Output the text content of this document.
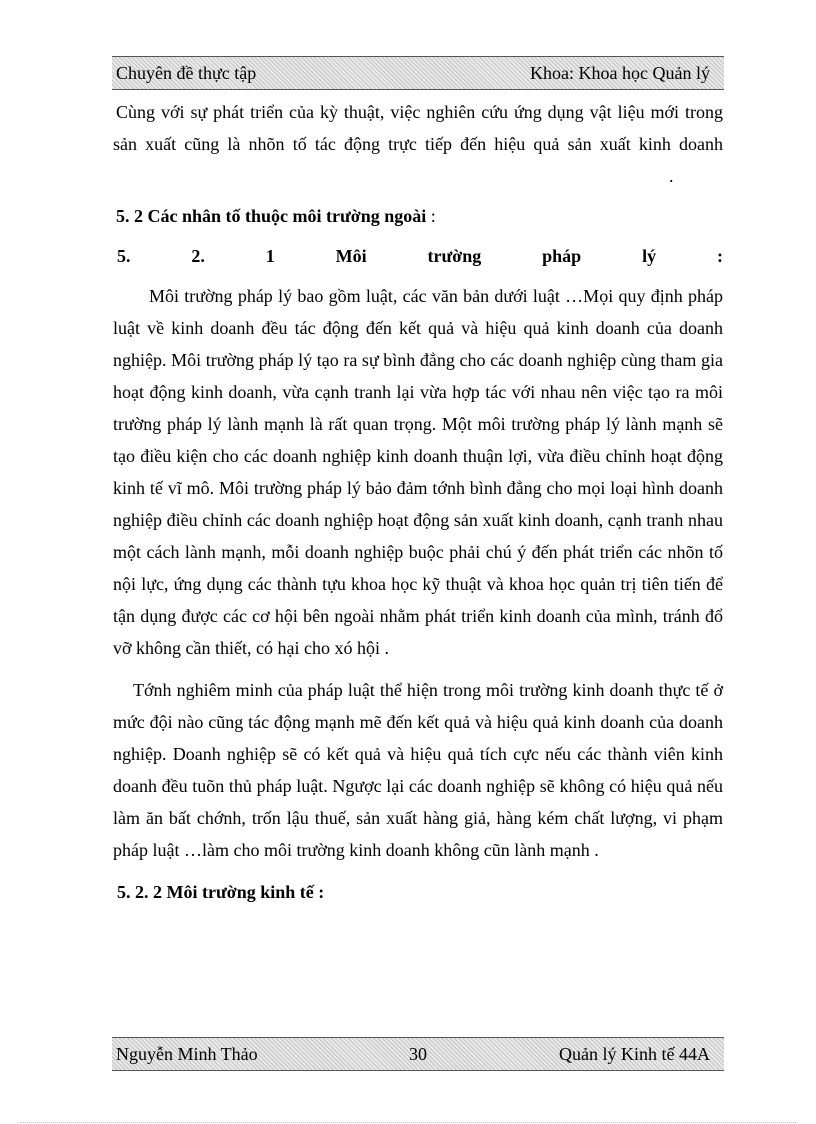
Chuyên đề thực tập	Khoa: Khoa học Quản lý

Cùng với sự phát triển của kỳ thuật, việc nghiên cứu ứng dụng vật liệu mới trong sản xuất cũng là nhõn tố tác động trực tiếp đến hiệu quả sản xuất kinh doanh.

5. 2 Các nhân tố thuộc môi trường ngoài :
5.	2.	1	Môi	trường	pháp	lý	:

Môi trường pháp lý bao gồm luật, các văn bản dưới luật …Mọi quy định pháp luật về kinh doanh đều tác động đến kết quả và hiệu quả kinh doanh của doanh nghiệp. Môi trường pháp lý tạo ra sự bình đẳng cho các doanh nghiệp cùng tham gia hoạt động kinh doanh, vừa cạnh tranh lại vừa hợp tác với nhau nên việc tạo ra môi trường pháp lý lành mạnh là rất quan trọng. Một môi trường pháp lý lành mạnh sẽ tạo điều kiện cho các doanh nghiệp kinh doanh thuận lợi, vừa điều chỉnh hoạt động kinh tế vĩ mô. Môi trường pháp lý bảo đảm tớnh bình đẳng cho mọi loại hình doanh nghiệp điều chỉnh các doanh nghiệp hoạt động sản xuất kinh doanh, cạnh tranh nhau một cách lành mạnh, mỗi doanh nghiệp buộc phải chú ý đến phát triển các nhõn tố nội lực, ứng dụng các thành tựu khoa học kỹ thuật và khoa học quản trị tiên tiến để tận dụng được các cơ hội bên ngoài nhằm phát triển kinh doanh của mình, tránh đổ vỡ không cần thiết, có hại cho xó hội .

Tớnh nghiêm minh của pháp luật thể hiện trong môi trường kinh doanh thực tế ở mức đội nào cũng tác động mạnh mẽ đến kết quả và hiệu quả kinh doanh của doanh nghiệp. Doanh nghiệp sẽ có kết quả và hiệu quả tích cực nếu các thành viên kinh doanh đều tuõn thủ pháp luật. Ngược lại các doanh nghiệp sẽ không có hiệu quả nếu làm ăn bất chớnh, trốn lậu thuế, sản xuất hàng giả, hàng kém chất lượng, vi phạm pháp luật …làm cho môi trường kinh doanh không cũn lành mạnh .

5. 2. 2 Môi trường kinh tế :
Nguyễn Minh Thảo	30	Quản lý Kinh tế 44A
